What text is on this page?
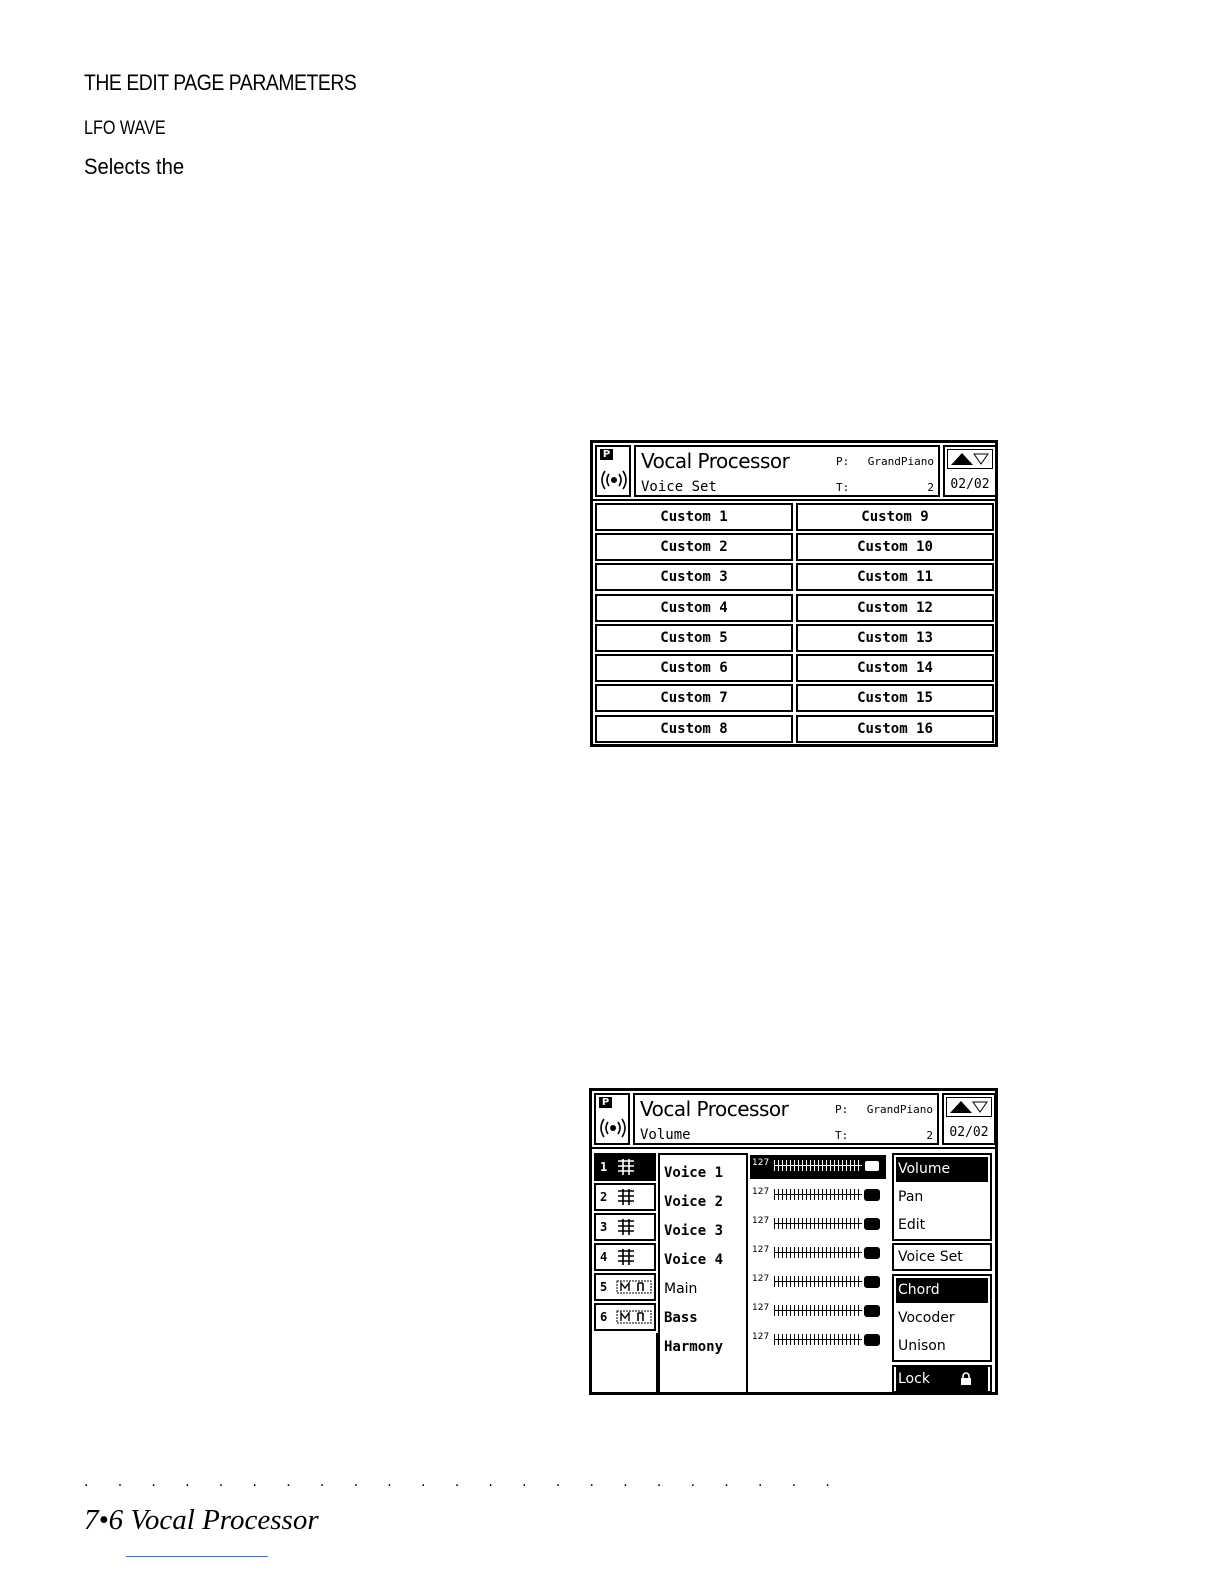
THE EDIT PAGE PARAMETERS
LFO WAVE
Selects the
P Vocal Processor
Voice Set
P: GrandPiano
T:	2	02/02
Custom 1
Custom 2
Custom 3
Custom 4
Custom 5
Custom 6
Custom 7
Custom 8
Custom 9
Custom 10
Custom 11
Custom 12
Custom 13
Custom 14
Custom 15
Custom 16
P Vocal Processor
Volume
P: GrandPiano
T:	2	02/02
1
2
3
4
5
6
Voice 1
Voice 2
Voice 3
Voice 4
Main
Bass
Harmony
127
127
127
127
127
127
127
Volume
Pan
Edit
Voice Set
Chord
Vocoder
Unison
Lock
· · · · · · · · · · · · · · · · · · · · · · ·
7•6 Vocal Processor
